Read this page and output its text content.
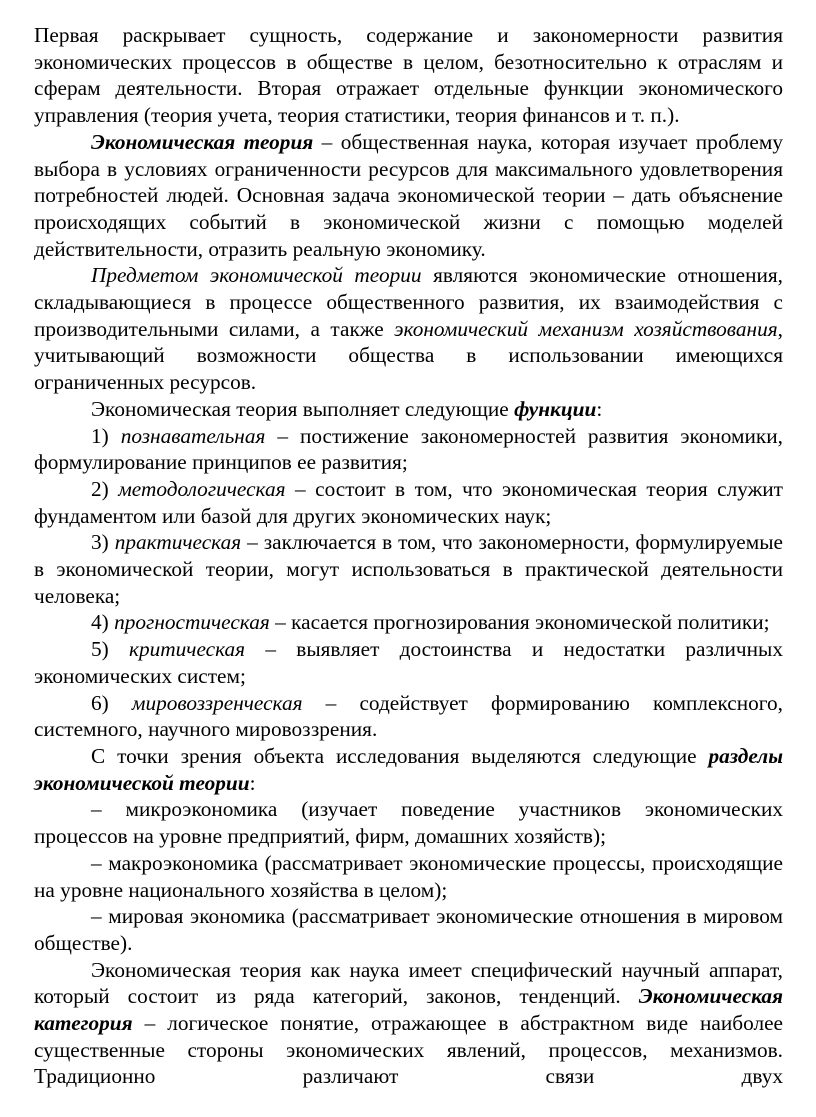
Первая раскрывает сущность, содержание и закономерности развития экономических процессов в обществе в целом, безотносительно к отраслям и сферам деятельности. Вторая отражает отдельные функции экономического управления (теория учета, теория статистики, теория финансов и т. п.).

Экономическая теория – общественная наука, которая изучает проблему выбора в условиях ограниченности ресурсов для максимального удовлетворения потребностей людей. Основная задача экономической теории – дать объяснение происходящих событий в экономической жизни с помощью моделей действительности, отразить реальную экономику.

Предметом экономической теории являются экономические отношения, складывающиеся в процессе общественного развития, их взаимодействия с производительными силами, а также экономический механизм хозяйствования, учитывающий возможности общества в использовании имеющихся ограниченных ресурсов.

Экономическая теория выполняет следующие функции:

1) познавательная – постижение закономерностей развития экономики, формулирование принципов ее развития;

2) методологическая – состоит в том, что экономическая теория служит фундаментом или базой для других экономических наук;

3) практическая – заключается в том, что закономерности, формулируемые в экономической теории, могут использоваться в практической деятельности человека;

4) прогностическая – касается прогнозирования экономической политики;

5) критическая – выявляет достоинства и недостатки различных экономических систем;

6) мировоззренческая – содействует формированию комплексного, системного, научного мировоззрения.

С точки зрения объекта исследования выделяются следующие разделы экономической теории:

– микроэкономика (изучает поведение участников экономических процессов на уровне предприятий, фирм, домашних хозяйств);

– макроэкономика (рассматривает экономические процессы, происходящие на уровне национального хозяйства в целом);

– мировая экономика (рассматривает экономические отношения в мировом обществе).

Экономическая теория как наука имеет специфический научный аппарат, который состоит из ряда категорий, законов, тенденций. Экономическая категория – логическое понятие, отражающее в абстрактном виде наиболее существенные стороны экономических явлений, процессов, механизмов. Традиционно различают связи двух
